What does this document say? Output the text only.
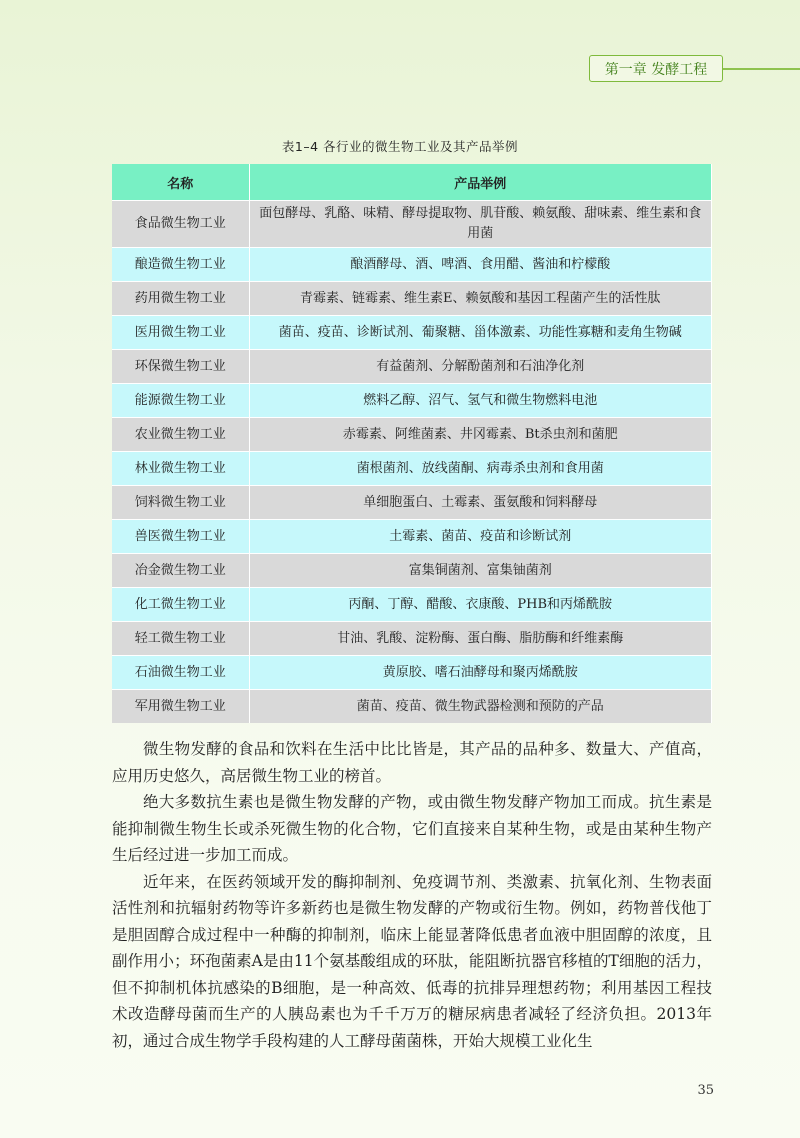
第一章 发酵工程
表1–4 各行业的微生物工业及其产品举例
名称	产品举例
食品微生物工业	面包酵母、乳酪、味精、酵母提取物、肌苷酸、赖氨酸、甜味素、维生素和食用菌
酿造微生物工业	酿酒酵母、酒、啤酒、食用醋、酱油和柠檬酸
药用微生物工业	青霉素、链霉素、维生素E、赖氨酸和基因工程菌产生的活性肽
医用微生物工业	菌苗、疫苗、诊断试剂、葡聚糖、甾体激素、功能性寡糖和麦角生物碱
环保微生物工业	有益菌剂、分解酚菌剂和石油净化剂
能源微生物工业	燃料乙醇、沼气、氢气和微生物燃料电池
农业微生物工业	赤霉素、阿维菌素、井冈霉素、Bt杀虫剂和菌肥
林业微生物工业	菌根菌剂、放线菌酮、病毒杀虫剂和食用菌
饲料微生物工业	单细胞蛋白、土霉素、蛋氨酸和饲料酵母
兽医微生物工业	土霉素、菌苗、疫苗和诊断试剂
冶金微生物工业	富集铜菌剂、富集铀菌剂
化工微生物工业	丙酮、丁醇、醋酸、衣康酸、PHB和丙烯酰胺
轻工微生物工业	甘油、乳酸、淀粉酶、蛋白酶、脂肪酶和纤维素酶
石油微生物工业	黄原胶、嗜石油酵母和聚丙烯酰胺
军用微生物工业	菌苗、疫苗、微生物武器检测和预防的产品

微生物发酵的食品和饮料在生活中比比皆是，其产品的品种多、数量大、产值高，应用历史悠久，高居微生物工业的榜首。

绝大多数抗生素也是微生物发酵的产物，或由微生物发酵产物加工而成。抗生素是能抑制微生物生长或杀死微生物的化合物，它们直接来自某种生物，或是由某种生物产生后经过进一步加工而成。

近年来，在医药领域开发的酶抑制剂、免疫调节剂、类激素、抗氧化剂、生物表面活性剂和抗辐射药物等许多新药也是微生物发酵的产物或衍生物。例如，药物普伐他丁是胆固醇合成过程中一种酶的抑制剂，临床上能显著降低患者血液中胆固醇的浓度，且副作用小；环孢菌素A是由11个氨基酸组成的环肽，能阻断抗器官移植的T细胞的活力，但不抑制机体抗感染的B细胞，是一种高效、低毒的抗排异理想药物；利用基因工程技术改造酵母菌而生产的人胰岛素也为千千万万的糖尿病患者减轻了经济负担。2013年初，通过合成生物学手段构建的人工酵母菌菌株，开始大规模工业化生

35
